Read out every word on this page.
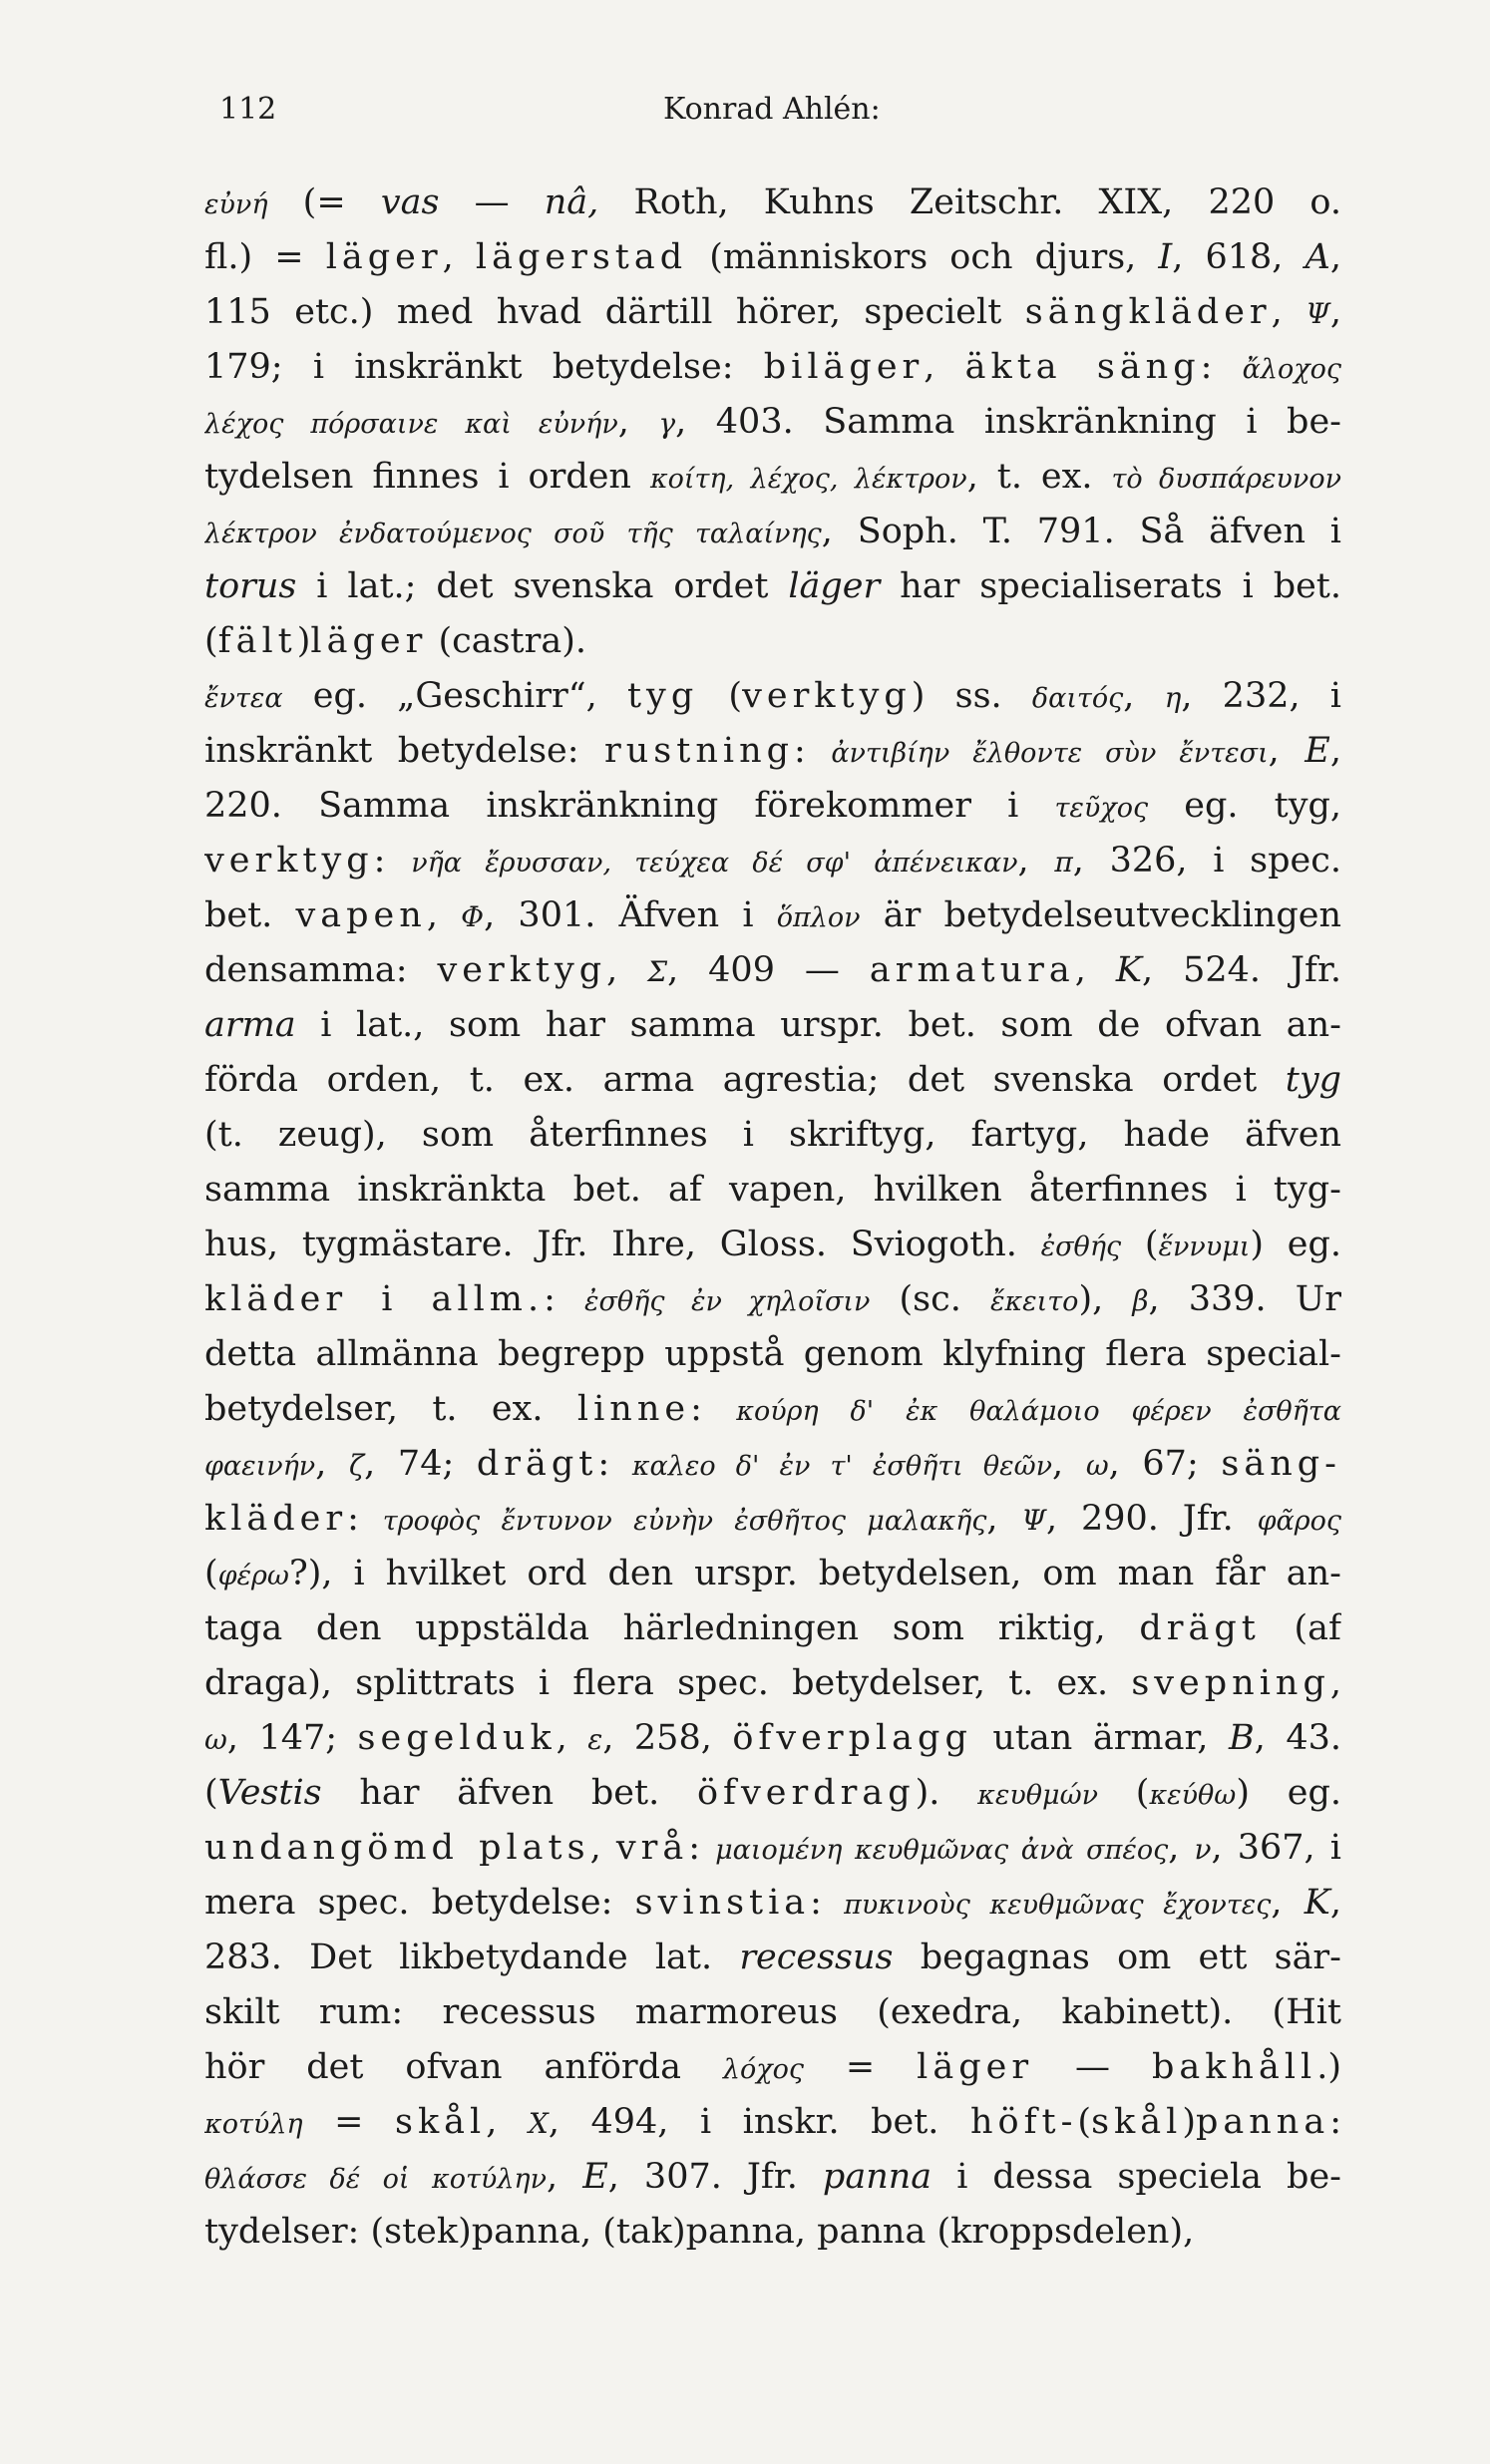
112	Konrad Ahlén:
εὐνή (= vas — nâ, Roth, Kuhns Zeitschr. XIX, 220 o.
fl.) = läger, lägerstad (människors och djurs, I, 618, A,
115 etc.) med hvad därtill hörer, specielt sängkläder, Ψ,
179; i inskränkt betydelse: biläger, äkta säng: ἄλοχος
λέχος πόρσαινε καὶ εὐνήν, γ, 403. Samma inskränkning i be-
tydelsen finnes i orden κοίτη, λέχος, λέκτρον, t. ex. τὸ δυσπάρευνον
λέκτρον ἐνδατούμενος σοῦ τῆς ταλαίνης, Soph. T. 791. Så äfven i
torus i lat.; det svenska ordet läger har specialiserats i bet.
(fält)läger (castra).
ἔντεα eg. „Geschirr“, tyg (verktyg) ss. δαιτός, η, 232, i
inskränkt betydelse: rustning: ἀντιβίην ἔλθοντε σὺν ἔντεσι, E,
220. Samma inskränkning förekommer i τεῦχος eg. tyg,
verktyg: νῆα ἔρυσσαν, τεύχεα δέ σφ' ἀπένεικαν, π, 326, i spec.
bet. vapen, Φ, 301. Äfven i ὅπλον är betydelseutvecklingen
densamma: verktyg, Σ, 409 — armatura, K, 524. Jfr.
arma i lat., som har samma urspr. bet. som de ofvan an-
förda orden, t. ex. arma agrestia; det svenska ordet tyg
(t. zeug), som återfinnes i skriftyg, fartyg, hade äfven
samma inskränkta bet. af vapen, hvilken återfinnes i tyg-
hus, tygmästare. Jfr. Ihre, Gloss. Sviogoth. ἐσθής (ἕννυμι) eg.
kläder i allm.: ἐσθῆς ἐν χηλοῖσιν (sc. ἔκειτο), β, 339. Ur
detta allmänna begrepp uppstå genom klyfning flera special-
betydelser, t. ex. linne: κούρη δ' ἐκ θαλάμοιο φέρεν ἐσθῆτα
φαεινήν, ζ, 74; drägt: καλεο δ' ἐν τ' ἐσθῆτι θεῶν, ω, 67; säng-
kläder: τροφὸς ἔντυνον εὐνὴν ἐσθῆτος μαλακῆς, Ψ, 290. Jfr. φᾶρος
(φέρω?), i hvilket ord den urspr. betydelsen, om man får an-
taga den uppstälda härledningen som riktig, drägt (af
draga), splittrats i flera spec. betydelser, t. ex. svepning,
ω, 147; segelduk, ε, 258, öfverplagg utan ärmar, B, 43.
(Vestis har äfven bet. öfverdrag). κευθμών (κεύθω) eg.
undangömd plats, vrå: μαιομένη κευθμῶνας ἀνὰ σπέος, ν, 367, i
mera spec. betydelse: svinstia: πυκινοὺς κευθμῶνας ἔχοντες, K,
283. Det likbetydande lat. recessus begagnas om ett sär-
skilt rum: recessus marmoreus (exedra, kabinett). (Hit
hör det ofvan anförda λόχος = läger — bakhåll.)
κοτύλη = skål, X, 494, i inskr. bet. höft-(skål)panna:
θλάσσε δέ οἱ κοτύλην, E, 307. Jfr. panna i dessa speciela be-
tydelser: (stek)panna, (tak)panna, panna (kroppsdelen),
